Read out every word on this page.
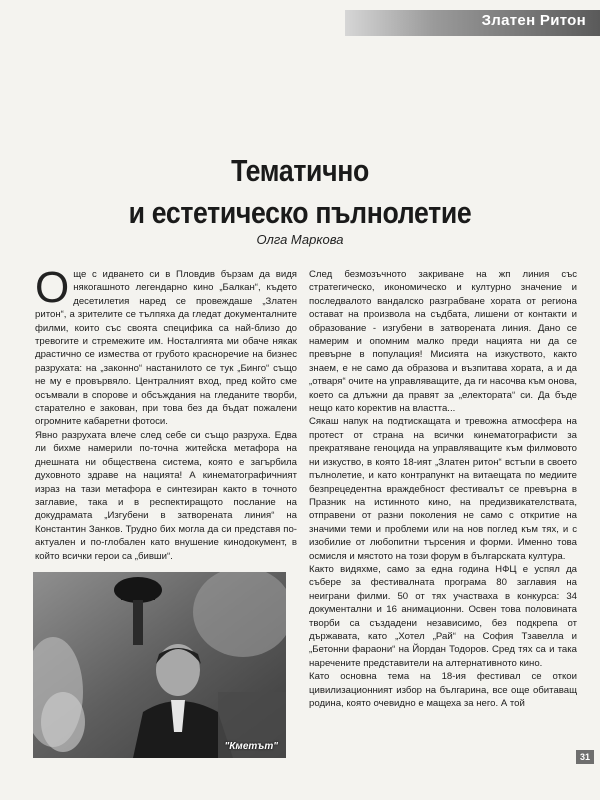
Златен Ритон
Тематично
и естетическо пълнолетие
Олга Маркова

Още с идването си в Пловдив бързам да видя някогашното легендарно кино „Балкан“, където десетилетия наред се провеждаше „Златен ритон“, а зрителите се тълпяха да гледат документалните филми, които със своята специфика са най-близо до тревогите и стремежите им. Носталгията ми обаче някак драстично се измества от грубото красноречие на бизнес разрухата: на „законно“ настанилото се тук „Бинго“ също не му е провървяло. Централният вход, пред който сме осъмвали в спорове и обсъждания на гледаните творби, старателно е закован, при това без да бъдат пожалени огромните кабаретни фотоси.

Явно разрухата влече след себе си също разруха. Едва ли бихме намерили по-точна житейска метафора на днешната ни обществена система, която е загърбила духовното здраве на нацията! А кинематографичният израз на тази метафора е синтезиран както в точното заглавие, така и в респектиращото послание на докудрамата „Изгубени в затворената линия“ на Константин Занков. Трудно бих могла да си представя по-актуален и по-глобален като внушение кинодокумент, в който всички герои са „бивши“.

"Кметът"

След безмозъчното закриване на жп линия със стратегическо, икономическо и културно значение и последвалото вандалско разграбване хората от региона остават на произвола на съдбата, лишени от контакти и образование - изгубени в затворената линия. Дано се намерим и опомним малко преди нацията ни да се превърне в популация! Мисията на изкуството, както знаем, е не само да образова и възпитава хората, а и да „отваря“ очите на управляващите, да ги насочва към онова, което са длъжни да правят за „електората“ си. Да бъде нещо като коректив на властта...

Сякаш напук на подтискащата и тревожна атмосфера на протест от страна на всички кинематографисти за прекратяване геноцида на управляващите към филмовото ни изкуство, в която 18-ият „Златен ритон“ встъпи в своето пълнолетие, и като контрапункт на витаещата по медиите безпрецедентна враждебност фестивалът се превърна в Празник на истинното кино, на предизвикателствата, отправени от разни поколения не само с откритие на значими теми и проблеми или на нов поглед към тях, и с изобилие от любопитни търсения и форми. Именно това осмисля и мястото на този форум в българската култура.

Както видяхме, само за една година НФЦ е успял да събере за фестивалната програма 80 заглавия на неиграни филми. 50 от тях участваха в конкурса: 34 документални и 16 анимационни. Освен това половината творби са създадени независимо, без подкрепа от държавата, като „Хотел „Рай“ на София Тзавелла и „Бетонни фараони“ на Йордан Тодоров. Сред тях са и така наречените представители на алтернативното кино.

Като основна тема на 18-ия фестивал се откои цивилизационният избор на българина, все още обитаващ родина, която очевидно е мащеха за него. А той

31
